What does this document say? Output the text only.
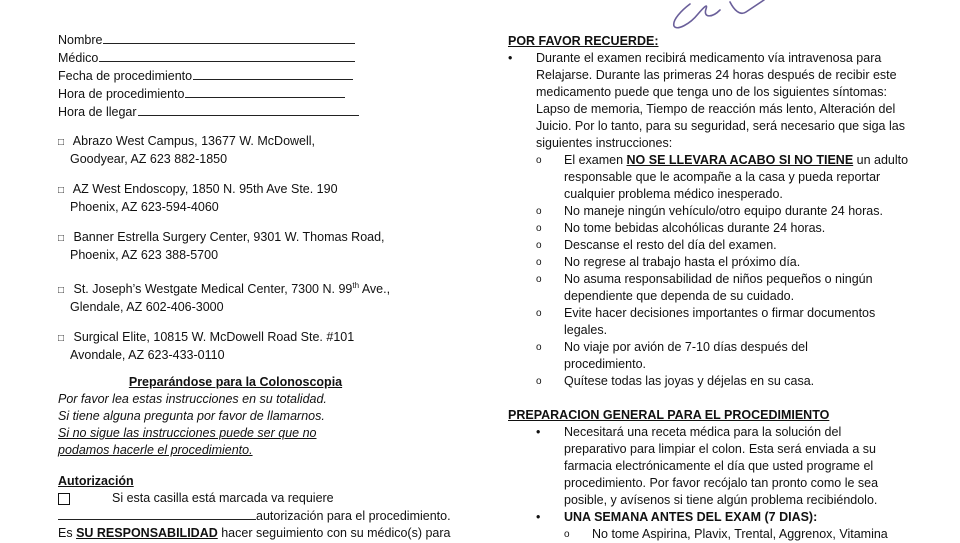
Nombre
Médico
Fecha de procedimiento
Hora de procedimiento
Hora de llegar
□ Abrazo West Campus, 13677 W. McDowell,
Goodyear, AZ 623 882-1850
□ AZ West Endoscopy, 1850 N. 95th Ave Ste. 190
Phoenix, AZ 623-594-4060
□ Banner Estrella Surgery Center, 9301 W. Thomas Road,
Phoenix, AZ 623 388-5700
□ St. Joseph’s Westgate Medical Center, 7300 N. 99th Ave.,
Glendale, AZ 602-406-3000
□ Surgical Elite, 10815 W. McDowell Road Ste. #101
Avondale, AZ 623-433-0110
Preparándose para la Colonoscopia
Por favor lea estas instrucciones en su totalidad.
Si tiene alguna pregunta por favor de llamarnos.
Si no sigue las instrucciones puede ser que no
podamos hacerle el procedimiento.
Autorización
Si esta casilla está marcada va requiere
autorización para el procedimiento.
Es SU RESPONSABILIDAD hacer seguimiento con su médico(s) para
POR FAVOR RECUERDE:
•	Durante el examen recibirá medicamento vía intravenosa para
Relajarse. Durante las primeras 24 horas después de recibir este
medicamento puede que tenga uno de los siguientes síntomas:
Lapso de memoria, Tiempo de reacción más lento, Alteración del
Juicio. Por lo tanto, para su seguridad, será necesario que siga las
siguientes instrucciones:
o El examen NO SE LLEVARA ACABO SI NO TIENE un adulto
responsable que le acompañe a la casa y pueda reportar
cualquier problema médico inesperado.
o No maneje ningún vehículo/otro equipo durante 24 horas.
o No tome bebidas alcohólicas durante 24 horas.
o Descanse el resto del día del examen.
o No regrese al trabajo hasta el próximo día.
o No asuma responsabilidad de niños pequeños o ningún
dependiente que dependa de su cuidado.
o Evite hacer decisiones importantes o firmar documentos
legales.
o No viaje por avión de 7-10 días después del
procedimiento.
o Quítese todas las joyas y déjelas en su casa.
PREPARACION GENERAL PARA EL PROCEDIMIENTO
•	Necesitará una receta médica para la solución del
preparativo para limpiar el colon. Esta será enviada a su
farmacia electrónicamente el día que usted programe el
procedimiento. Por favor recójalo tan pronto como le sea
posible, y avísenos si tiene algún problema recibiéndolo.
•	UNA SEMANA ANTES DEL EXAM (7 DIAS):
o No tome Aspirina, Plavix, Trental, Aggrenox, Vitamina
